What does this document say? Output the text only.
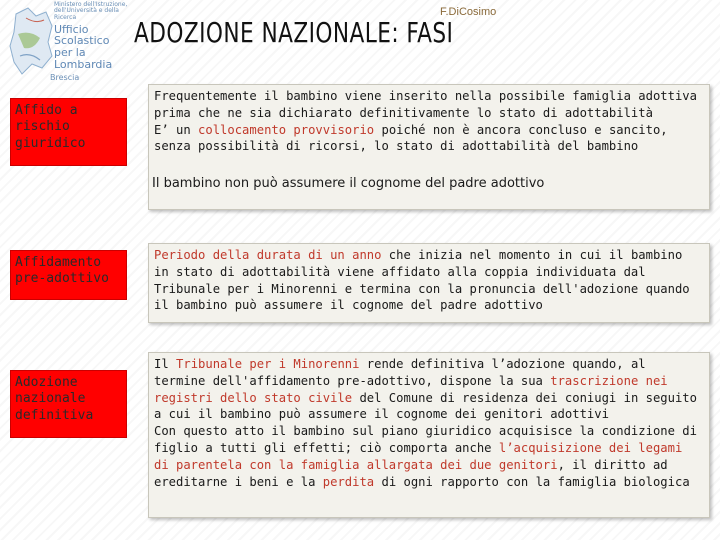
Ministero dell'Istruzione,
dell'Università e della Ricerca
Ufficio
Scolastico
per la
Lombardia
Brescia
F.DiCosimo
ADOZIONE NAZIONALE: FASI
Affido a
rischio
giuridico

Frequentemente il bambino viene inserito nella possibile famiglia adottiva prima che ne sia dichiarato definitivamente lo stato di adottabilità

E’ un collocamento provvisorio poiché non è ancora concluso e sancito, senza possibilità di ricorsi, lo stato di adottabilità del bambino

Il bambino non può assumere il cognome del padre adottivo
Affidamento
pre-adottivo

Periodo della durata di un anno che inizia nel momento in cui il bambino in stato di adottabilità viene affidato alla coppia individuata dal Tribunale per i Minorenni e termina con la pronuncia dell'adozione quando il bambino può assumere il cognome del padre adottivo

Adozione
nazionale
definitiva

Il Tribunale per i Minorenni rende definitiva l’adozione quando, al termine dell'affidamento pre-adottivo, dispone la sua trascrizione nei registri dello stato civile del Comune di residenza dei coniugi in seguito a cui il bambino può assumere il cognome dei genitori adottivi

Con questo atto il bambino sul piano giuridico acquisisce la condizione di figlio a tutti gli effetti; ciò comporta anche l’acquisizione dei legami di parentela con la famiglia allargata dei due genitori, il diritto ad ereditarne i beni e la perdita di ogni rapporto con la famiglia biologica
